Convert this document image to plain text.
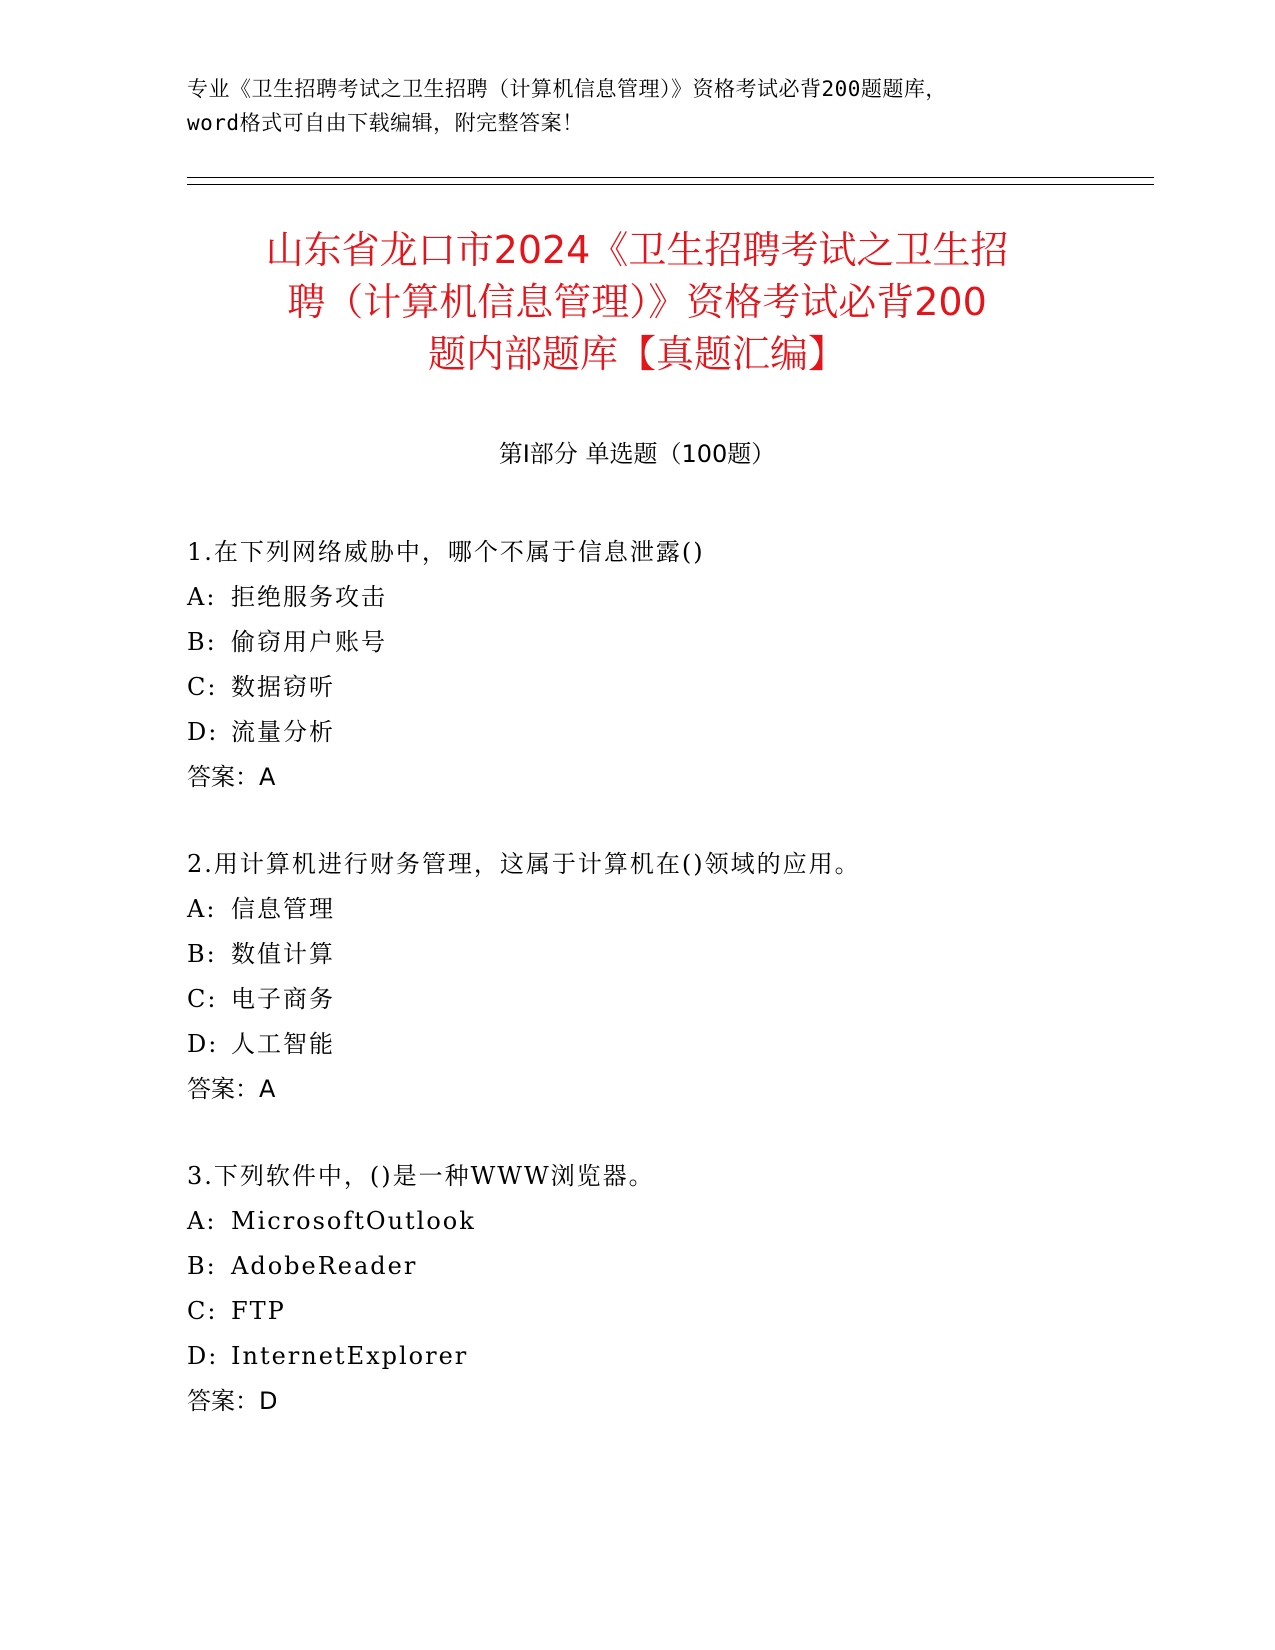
专业《卫生招聘考试之卫生招聘（计算机信息管理）》资格考试必背200题题库，
word格式可自由下载编辑，附完整答案！
山东省龙口市2024《卫生招聘考试之卫生招
聘（计算机信息管理）》资格考试必背200
题内部题库【真题汇编】
第Ⅰ部分 单选题（100题）
1.在下列网络威胁中，哪个不属于信息泄露()
A: 拒绝服务攻击
B: 偷窃用户账号
C: 数据窃听
D: 流量分析
答案：A
2.用计算机进行财务管理，这属于计算机在()领域的应用。
A: 信息管理
B: 数值计算
C: 电子商务
D: 人工智能
答案：A
3.下列软件中，()是一种WWW浏览器。
A: MicrosoftOutlook
B: AdobeReader
C: FTP
D: InternetExplorer
答案：D
